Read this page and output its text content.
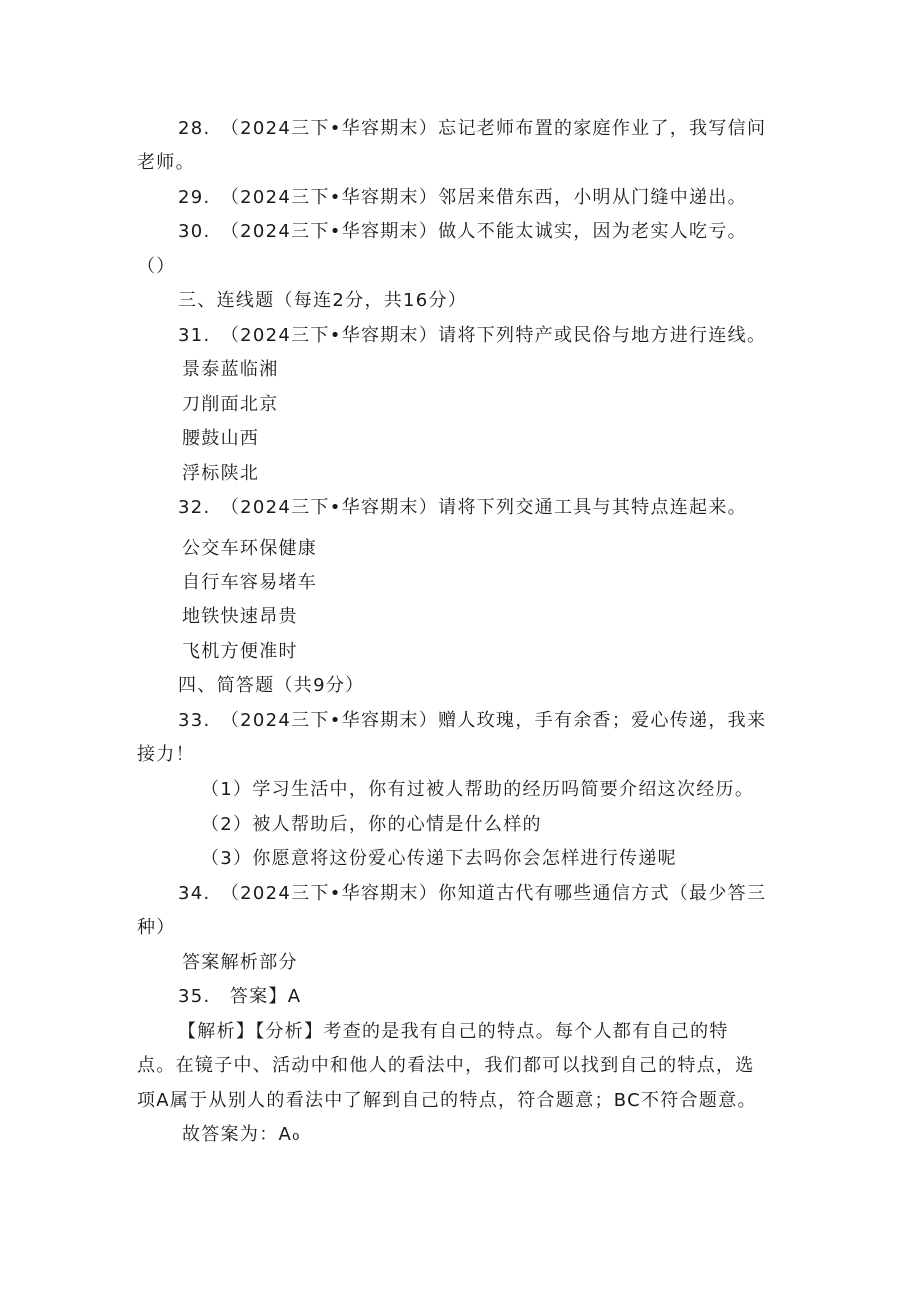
28.　（2024三下•华容期末）忘记老师布置的家庭作业了，我写信问
老师。
29.　（2024三下•华容期末）邻居来借东西，小明从门缝中递出。
30.　（2024三下•华容期末）做人不能太诚实，因为老实人吃亏。
（）
三、连线题（每连2分，共16分）
31.　（2024三下•华容期末）请将下列特产或民俗与地方进行连线。
景泰蓝临湘
刀削面北京
腰鼓山西
浮标陕北
32.　（2024三下•华容期末）请将下列交通工具与其特点连起来。
公交车环保健康
自行车容易堵车
地铁快速昂贵
飞机方便准时
四、简答题（共9分）
33.　（2024三下•华容期末）赠人玫瑰，手有余香；爱心传递，我来
接力！
（1）学习生活中，你有过被人帮助的经历吗简要介绍这次经历。
（2）被人帮助后，你的心情是什么样的
（3）你愿意将这份爱心传递下去吗你会怎样进行传递呢
34.　（2024三下•华容期末）你知道古代有哪些通信方式（最少答三
种）
答案解析部分
35.　答案】A
【解析】【分析】考查的是我有自己的特点。每个人都有自己的特
点。在镜子中、活动中和他人的看法中，我们都可以找到自己的特点，选
项A属于从别人的看法中了解到自己的特点，符合题意；BC不符合题意。
故答案为：A₀
